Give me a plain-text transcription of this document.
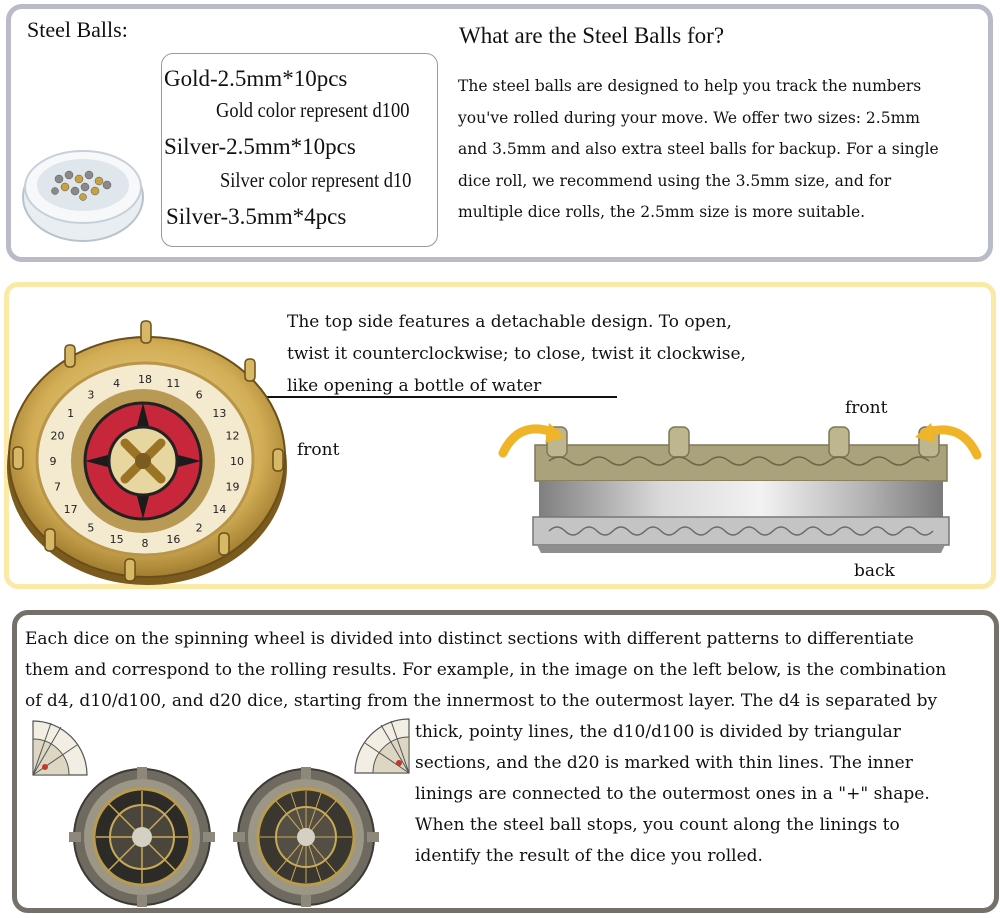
Steel Balls:
Gold-2.5mm*10pcs
Gold color represent d100
Silver-2.5mm*10pcs
Silver color represent d10
Silver-3.5mm*4pcs
What are the Steel Balls for?
The steel balls are designed to help you track the numbers
you've rolled during your move. We offer two sizes: 2.5mm
and 3.5mm and also extra steel balls for backup. For a single
dice roll, we recommend using the 3.5mm size, and for
multiple dice rolls, the 2.5mm size is more suitable.
The top side features a detachable design. To open,
twist it counterclockwise; to close, twist it clockwise,
like opening a bottle of water
18 11
6
13
12
10
19
14
2
16
8
15
5
17
7
9
20
1
3
4
front
front
back
Each dice on the spinning wheel is divided into distinct sections with different patterns to differentiate
them and correspond to the rolling results. For example, in the image on the left below, is the combination
of d4, d10/d100, and d20 dice, starting from the innermost to the outermost layer. The d4 is separated by
thick, pointy lines, the d10/d100 is divided by triangular
sections, and the d20 is marked with thin lines. The inner
linings are connected to the outermost ones in a "+" shape.
When the steel ball stops, you count along the linings to
identify the result of the dice you rolled.
